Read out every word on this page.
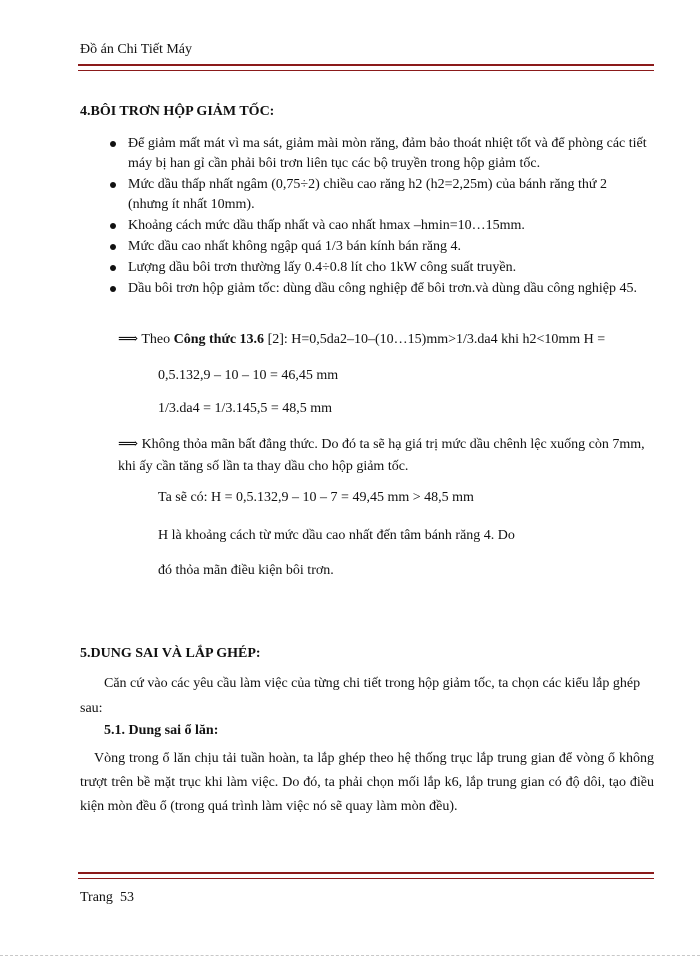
Đồ án Chi Tiết Máy
4.BÔI TRƠN HỘP GIẢM TỐC:
Để giảm mất mát vì ma sát, giảm mài mòn răng, đảm bảo thoát nhiệt tốt và để phòng các tiết máy bị han gỉ cần phải bôi trơn liên tục các bộ truyền trong hộp giảm tốc.
Mức dầu thấp nhất ngâm (0,75÷2) chiều cao răng h2 (h2=2,25m) của bánh răng thứ 2 (nhưng ít nhất 10mm).
Khoảng cách mức dầu thấp nhất và cao nhất hmax –hmin=10…15mm.
Mức dầu cao nhất không ngập quá 1/3 bán kính bán răng 4.
Lượng dầu bôi trơn thường lấy 0.4÷0.8 lít cho 1kW công suất truyền.
Dầu bôi trơn hộp giảm tốc: dùng dầu công nghiệp để bôi trơn.và dùng dầu công nghiệp 45.
⟹ Theo Công thức 13.6 [2]: H=0,5da2–10–(10…15)mm>1/3.da4 khi h2<10mm H =
0,5.132,9 – 10 – 10 = 46,45 mm
1/3.da4 = 1/3.145,5 = 48,5 mm
⟹ Không thỏa mãn bất đẳng thức. Do đó ta sẽ hạ giá trị mức dầu chênh lệc xuống còn 7mm, khi ấy cần tăng số lần ta thay dầu cho hộp giảm tốc.
Ta sẽ có: H = 0,5.132,9 – 10 – 7 = 49,45 mm > 48,5 mm
H là khoảng cách từ mức dầu cao nhất đến tâm bánh răng 4. Do
đó thỏa mãn điều kiện bôi trơn.
5.DUNG SAI VÀ LẮP GHÉP:
Căn cứ vào các yêu cầu làm việc của từng chi tiết trong hộp giảm tốc, ta chọn các kiểu lắp ghép sau:
5.1. Dung sai ổ lăn:
Vòng trong ổ lăn chịu tải tuần hoàn, ta lắp ghép theo hệ thống trục lắp trung gian để vòng ổ không trượt trên bề mặt trục khi làm việc. Do đó, ta phải chọn mối lắp k6, lắp trung gian có độ dôi, tạo điều kiện mòn đều ổ (trong quá trình làm việc nó sẽ quay làm mòn đều).
Trang 53
